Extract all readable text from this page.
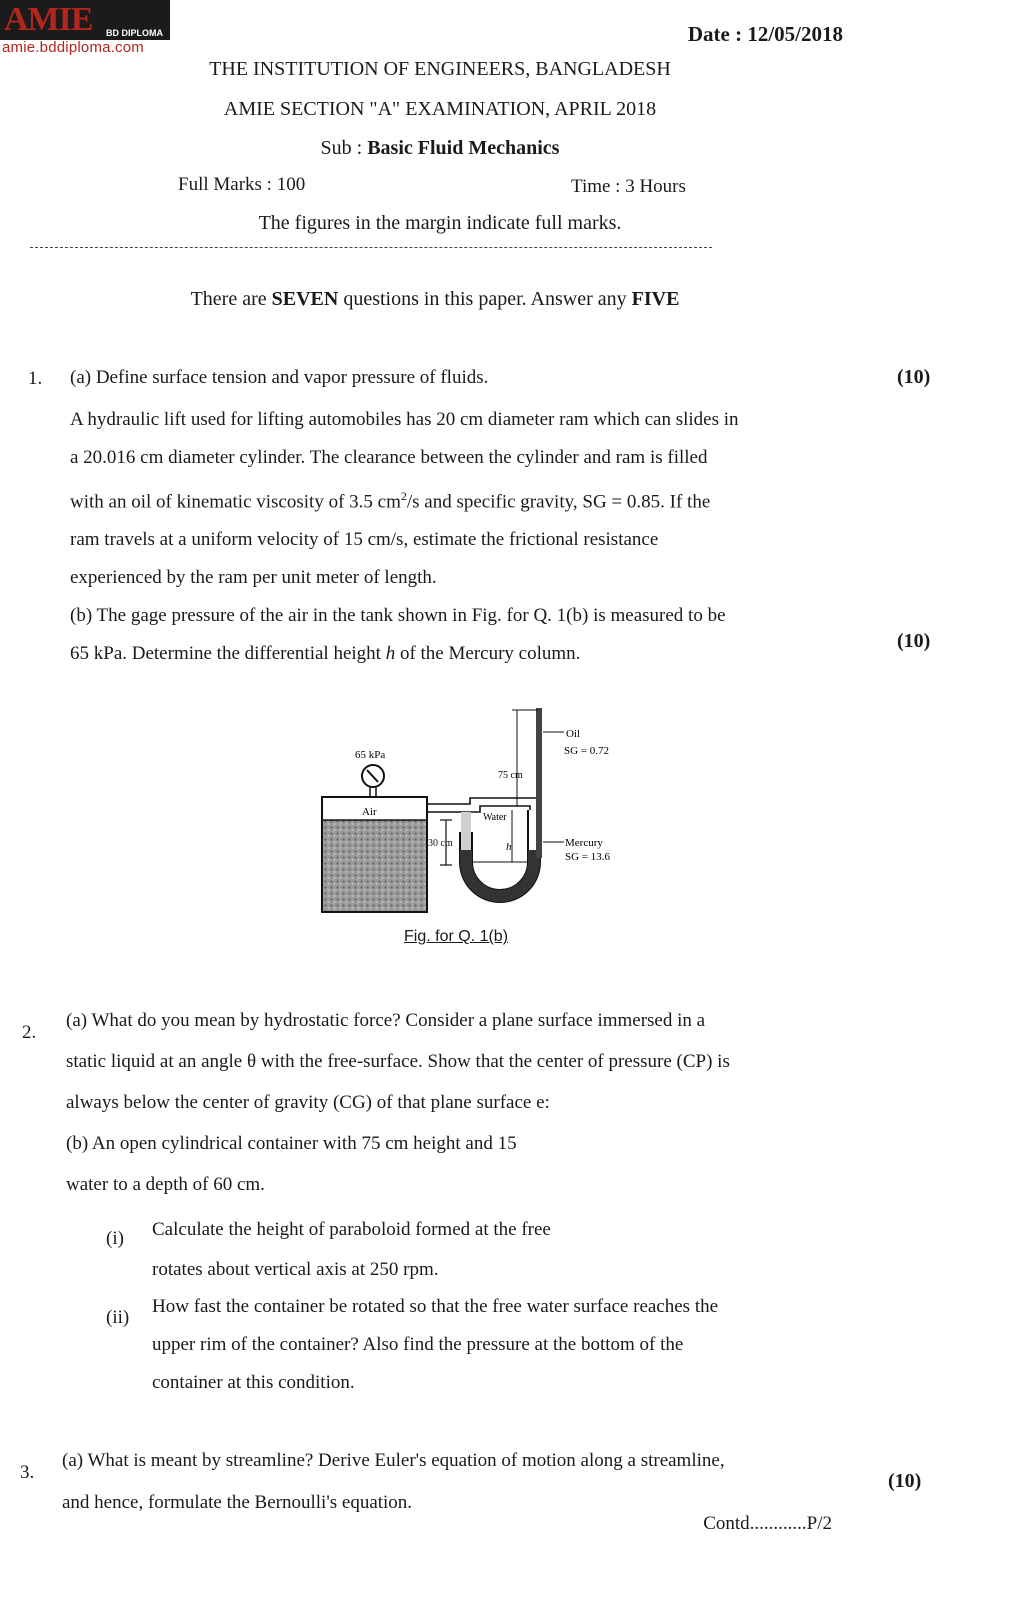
AMIE BD DIPLOMA
amie.bddiploma.com
Date : 12/05/2018
THE INSTITUTION OF ENGINEERS, BANGLADESH
AMIE SECTION "A" EXAMINATION, APRIL 2018
Sub : Basic Fluid Mechanics
Full Marks : 100	Time : 3 Hours
The figures in the margin indicate full marks.
There are SEVEN questions in this paper. Answer any FIVE
1. (a) Define surface tension and vapor pressure of fluids.	(10)
A hydraulic lift used for lifting automobiles has 20 cm diameter ram which can slides in
a 20.016 cm diameter cylinder. The clearance between the cylinder and ram is filled
with an oil of kinematic viscosity of 3.5 $cm^2/s$ and specific gravity, SG = 0.85. If the
ram travels at a uniform velocity of 15 cm/s, estimate the frictional resistance
experienced by the ram per unit meter of length.
(b) The gage pressure of the air in the tank shown in Fig. for Q. 1(b) is measured to be
65 kPa. Determine the differential height h of the Mercury column.
(10)
65 kPa
Air
30 cm
Water
h
75 cm
Oil
SG = 0.72
Mercury
SG = 13.6
Fig. for Q. 1(b)
2.
(a) What do you mean by hydrostatic force? Consider a plane surface immersed in a
static liquid at an angle θ with the free-surface. Show that the center of pressure (CP) is
always below the center of gravity (CG) of that plane surface e:
(b) An open cylindrical container with 75 cm height and 15
water to a depth of 60 cm.
(i) Calculate the height of paraboloid formed at the free
rotates about vertical axis at 250 rpm.
(ii)
How fast the container be rotated so that the free water surface reaches the
upper rim of the container? Also find the pressure at the bottom of the
container at this condition.
3.
(a) What is meant by streamline? Derive Euler's equation of motion along a streamline,
and hence, formulate the Bernoulli's equation.
(10)
Contd............P/2
